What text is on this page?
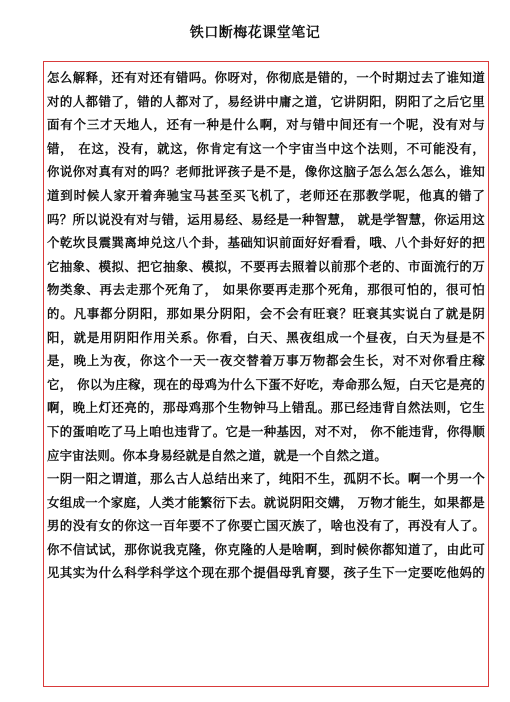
铁口断梅花课堂笔记
怎么解释，还有对还有错吗。你呀对，你彻底是错的，一个时期过去了谁知道
对的人都错了，错的人都对了，易经讲中庸之道，它讲阴阳，阴阳了之后它里
面有个三才天地人，还有一种是什么啊，对与错中间还有一个呢，没有对与
错， 在这，没有，就这，你肯定有这一个宇宙当中这个法则，不可能没有，
你说你对真有对的吗？老师批评孩子是不是，像你这脑子怎么怎么怎么，谁知
道到时候人家开着奔驰宝马甚至买飞机了，老师还在那教学呢，他真的错了
吗？所以说没有对与错，运用易经、易经是一种智慧， 就是学智慧，你运用这
个乾坎艮震巽离坤兑这八个卦，基础知识前面好好看看，哦、八个卦好好的把
它抽象、模拟、把它抽象、模拟，不要再去照着以前那个老的、市面流行的万
物类象、再去走那个死角了， 如果你要再走那个死角，那很可怕的，很可怕
的。凡事都分阴阳，那如果分阴阳，会不会有旺衰？旺衰其实说白了就是阴
阳，就是用阴阳作用关系。你看，白天、黑夜组成一个昼夜，白天为昼是不
是，晚上为夜，你这个一天一夜交替着万事万物都会生长，对不对你看庄稼
它， 你以为庄稼，现在的母鸡为什么下蛋不好吃，寿命那么短，白天它是亮的
啊，晚上灯还亮的，那母鸡那个生物钟马上错乱。那已经违背自然法则，它生
下的蛋咱吃了马上咱也违背了。它是一种基因，对不对， 你不能违背，你得顺
应宇宙法则。你本身易经就是自然之道，就是一个自然之道。
一阴一阳之谓道，那么古人总结出来了，纯阳不生，孤阴不长。啊一个男一个
女组成一个家庭，人类才能繁衍下去。就说阴阳交媾， 万物才能生，如果都是
男的没有女的你这一百年要不了你要亡国灭族了，啥也没有了，再没有人了。
你不信试试，那你说我克隆，你克隆的人是啥啊，到时候你都知道了，由此可
见其实为什么科学科学这个现在那个提倡母乳育婴，孩子生下一定要吃他妈的
